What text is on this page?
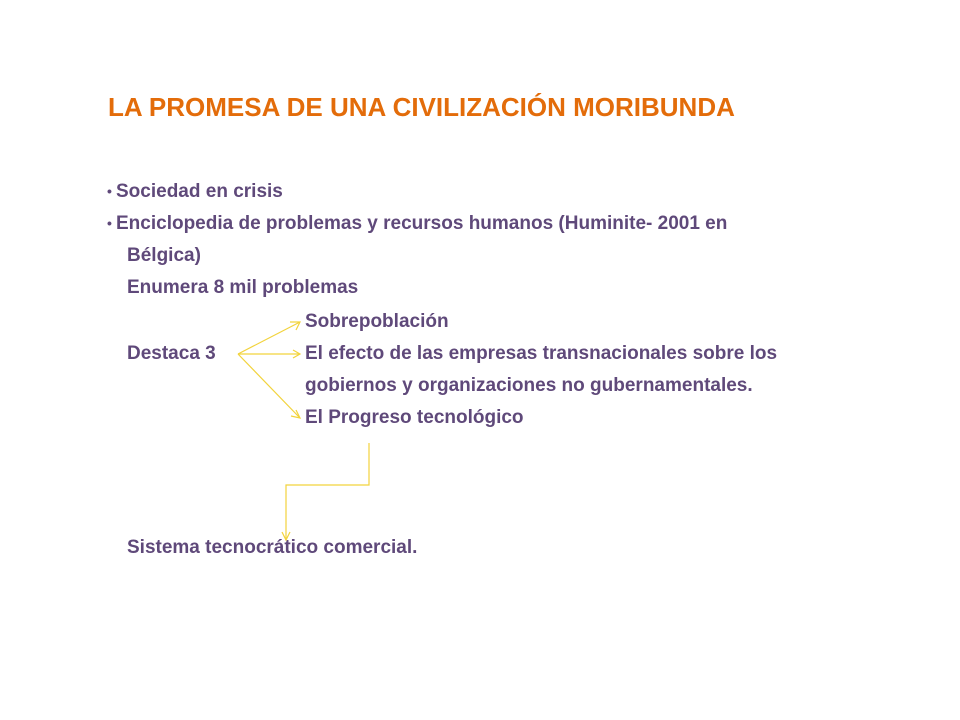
LA PROMESA DE UNA CIVILIZACIÓN MORIBUNDA
• Sociedad en crisis
• Enciclopedia de problemas y recursos humanos (Huminite- 2001 en
Bélgica)
Enumera 8 mil problemas
Sobrepoblación
Destaca 3	El efecto de las empresas transnacionales sobre los
gobiernos y organizaciones no gubernamentales.
El Progreso tecnológico
Sistema tecnocrático comercial.
